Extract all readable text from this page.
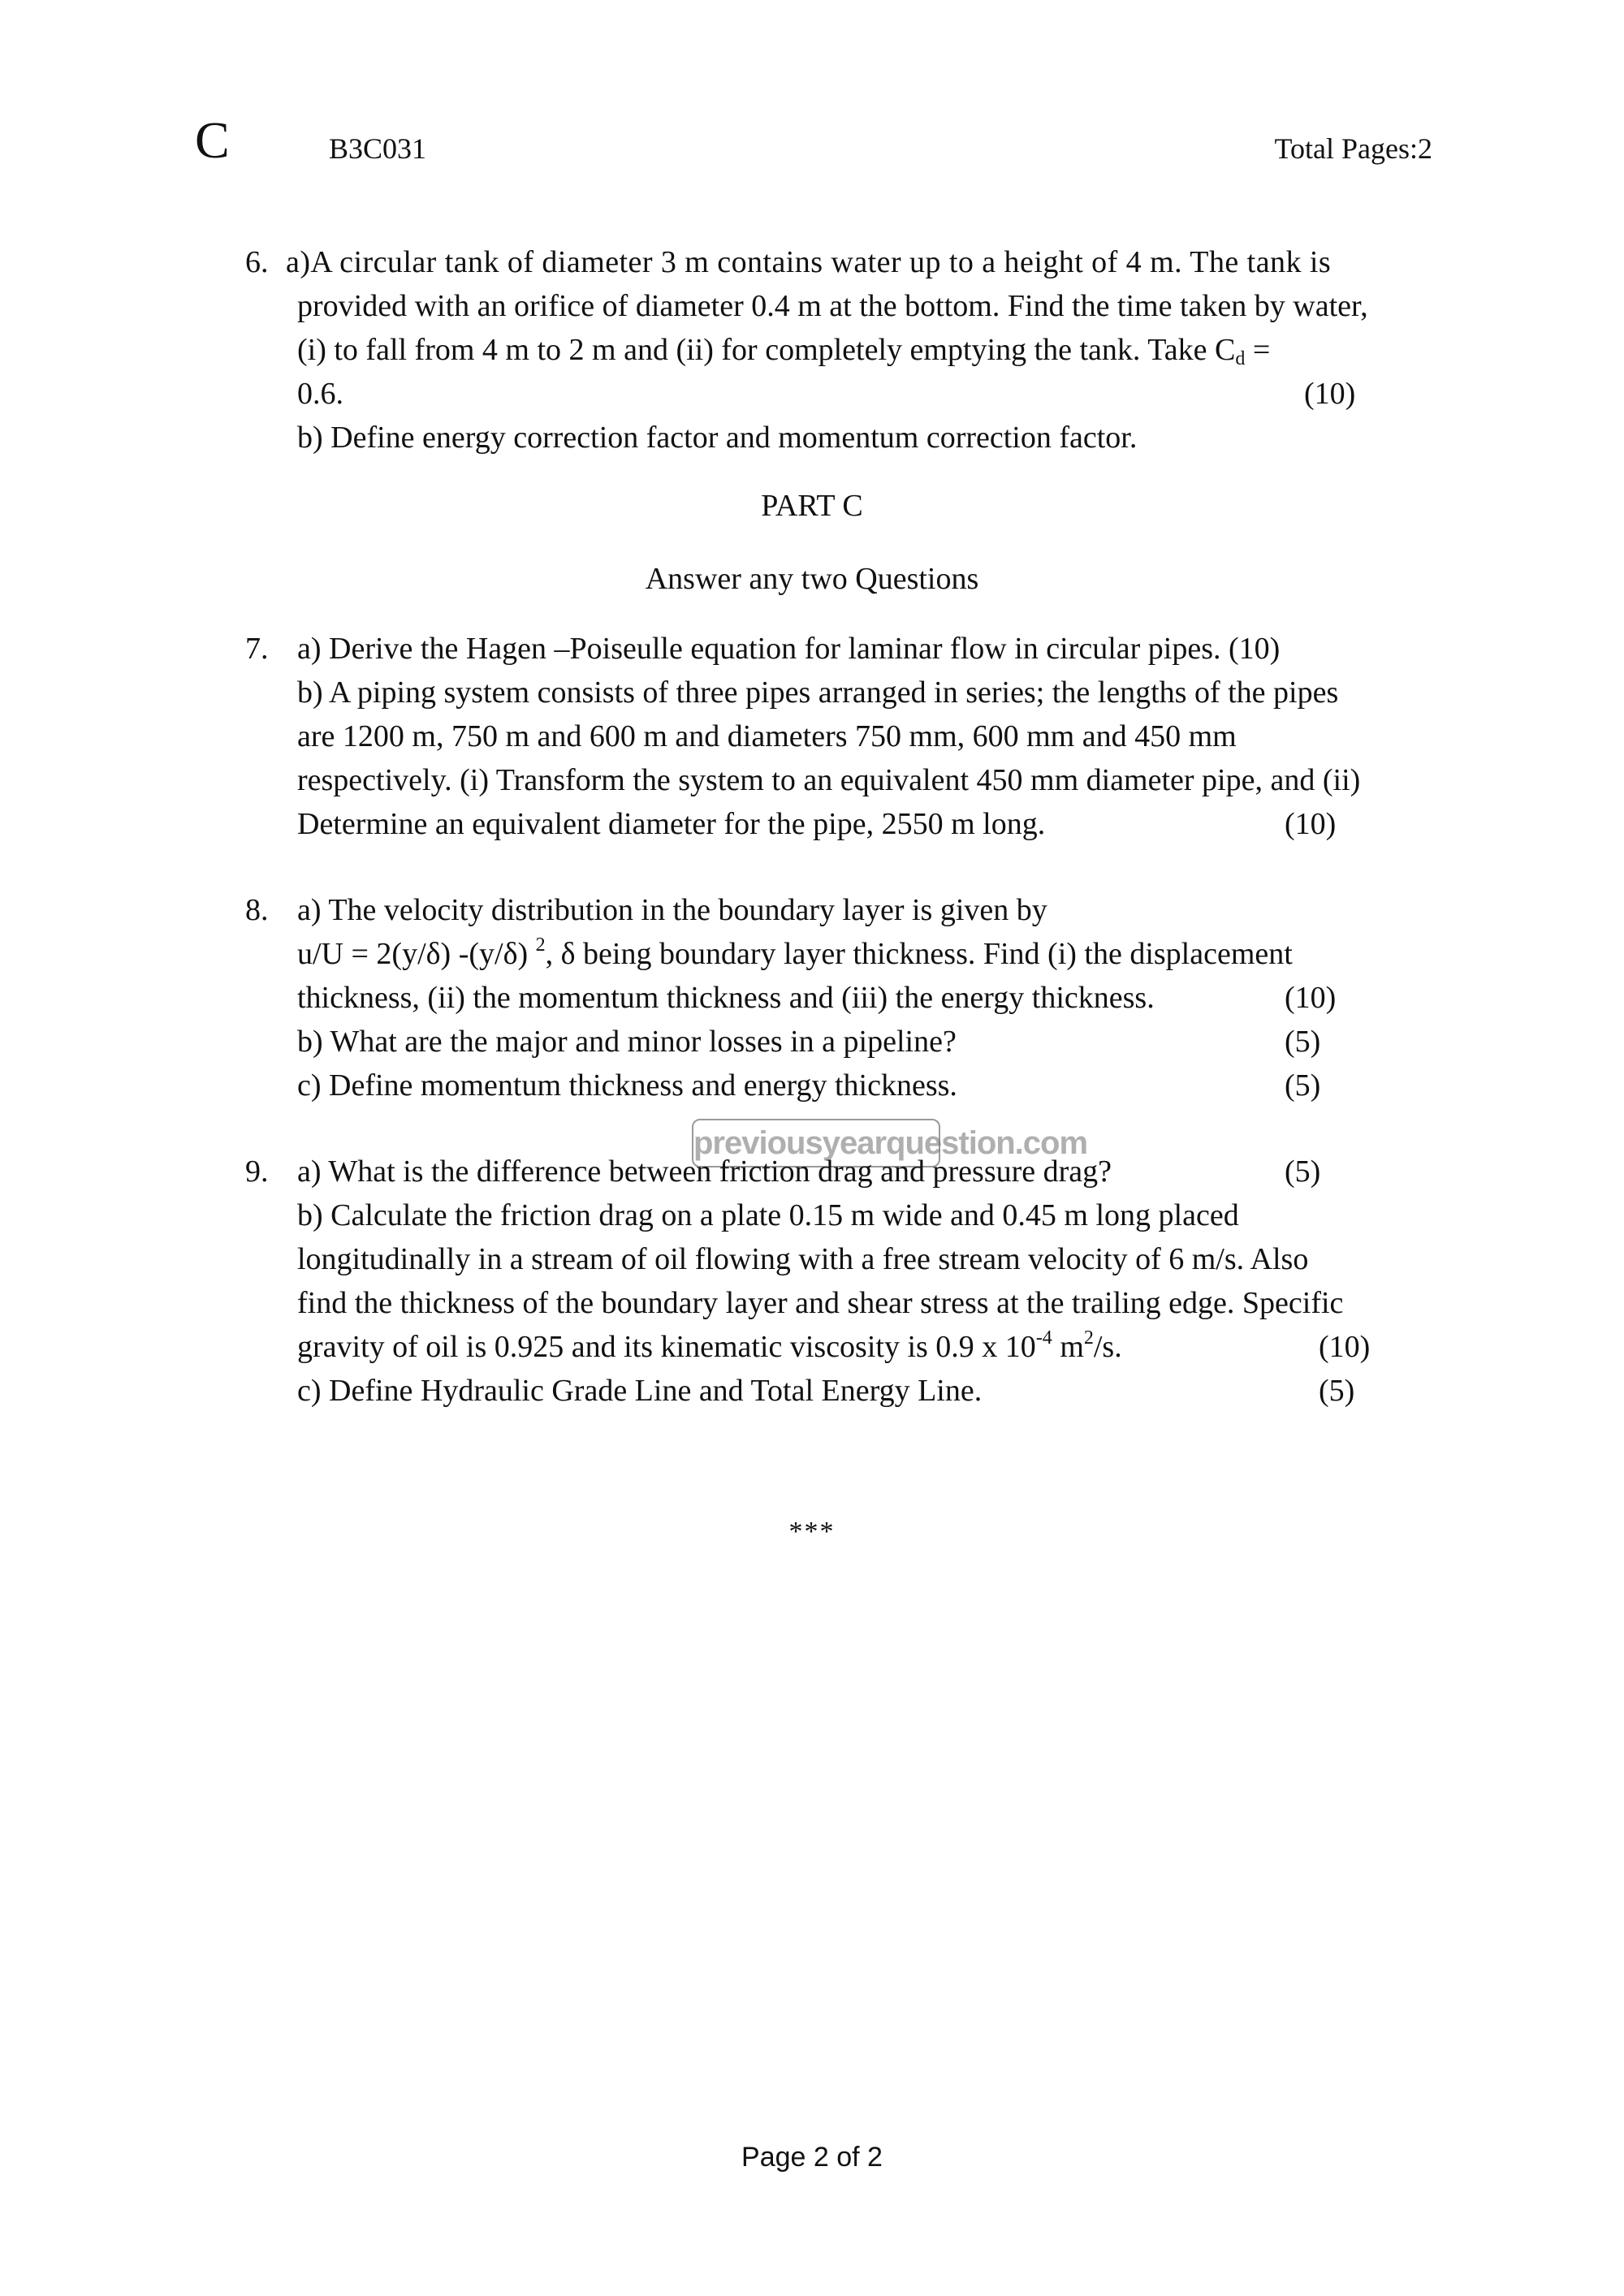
C	B3C031	Total Pages:2
6. a)A circular tank of diameter 3 m contains water up to a height of 4 m. The tank is
provided with an orifice of diameter 0.4 m at the bottom. Find the time taken by water,
(i) to fall from 4 m to 2 m and (ii) for completely emptying the tank. Take $C_d$ =
0.6.	(10)
b) Define energy correction factor and momentum correction factor.
PART C
Answer any two Questions
7. a) Derive the Hagen –Poiseulle equation for laminar flow in circular pipes. (10)
b) A piping system consists of three pipes arranged in series; the lengths of the pipes
are 1200 m, 750 m and 600 m and diameters 750 mm, 600 mm and 450 mm
respectively. (i) Transform the system to an equivalent 450 mm diameter pipe, and (ii)
Determine an equivalent diameter for the pipe, 2550 m long.	(10)
8. a) The velocity distribution in the boundary layer is given by
u/U = 2(y/δ) -(y/δ) $^2$, δ being boundary layer thickness. Find (i) the displacement
thickness, (ii) the momentum thickness and (iii) the energy thickness.	(10)
b) What are the major and minor losses in a pipeline?	(5)
c) Define momentum thickness and energy thickness.	(5)
previousyearquestion.com
9. a) What is the difference between friction drag and pressure drag?	(5)
b) Calculate the friction drag on a plate 0.15 m wide and 0.45 m long placed
longitudinally in a stream of oil flowing with a free stream velocity of 6 m/s. Also
find the thickness of the boundary layer and shear stress at the trailing edge. Specific
gravity of oil is 0.925 and its kinematic viscosity is 0.9 x $10^{-4}$ $m^2/s$.	(10)
c) Define Hydraulic Grade Line and Total Energy Line.	(5)
***
Page 2 of 2
